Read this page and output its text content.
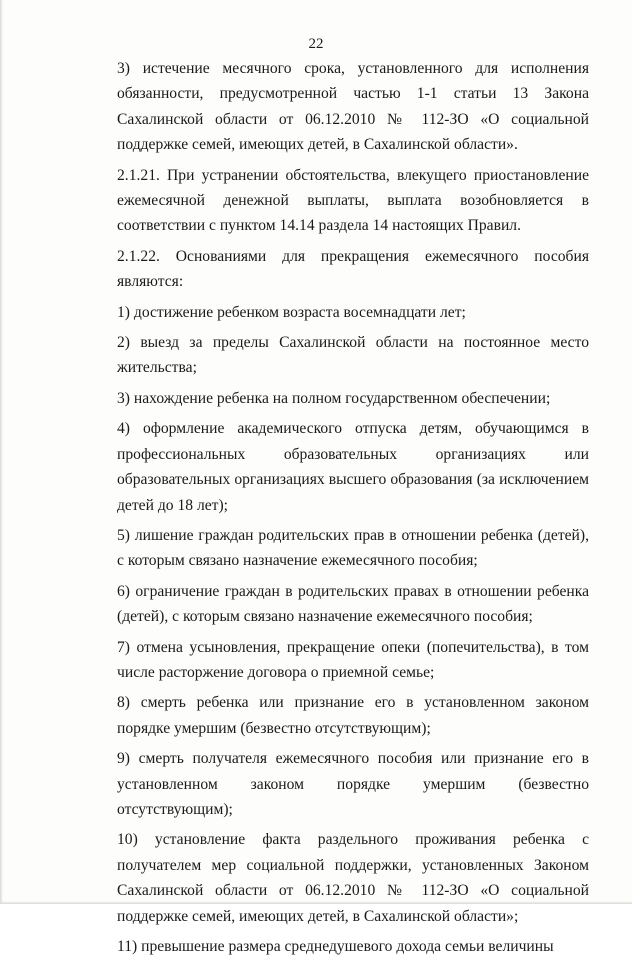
22

3) истечение месячного срока, установленного для исполнения обязанности, предусмотренной частью 1-1 статьи 13 Закона Сахалинской области от 06.12.2010 № 112-ЗО «О социальной поддержке семей, имеющих детей, в Сахалинской области».

2.1.21. При устранении обстоятельства, влекущего приостановление ежемесячной денежной выплаты, выплата возобновляется в соответствии с пунктом 14.14 раздела 14 настоящих Правил.

2.1.22. Основаниями для прекращения ежемесячного пособия являются:

1) достижение ребенком возраста восемнадцати лет;

2) выезд за пределы Сахалинской области на постоянное место жительства;

3) нахождение ребенка на полном государственном обеспечении;

4) оформление академического отпуска детям, обучающимся в профессиональных образовательных организациях или образовательных организациях высшего образования (за исключением детей до 18 лет);

5) лишение граждан родительских прав в отношении ребенка (детей), с которым связано назначение ежемесячного пособия;

6) ограничение граждан в родительских правах в отношении ребенка (детей), с которым связано назначение ежемесячного пособия;

7) отмена усыновления, прекращение опеки (попечительства), в том числе расторжение договора о приемной семье;

8) смерть ребенка или признание его в установленном законом порядке умершим (безвестно отсутствующим);

9) смерть получателя ежемесячного пособия или признание его в установленном законом порядке умершим (безвестно отсутствующим);

10) установление факта раздельного проживания ребенка с получателем мер социальной поддержки, установленных Законом Сахалинской области от 06.12.2010 № 112-ЗО «О социальной поддержке семей, имеющих детей, в Сахалинской области»;

11) превышение размера среднедушевого дохода семьи величины
